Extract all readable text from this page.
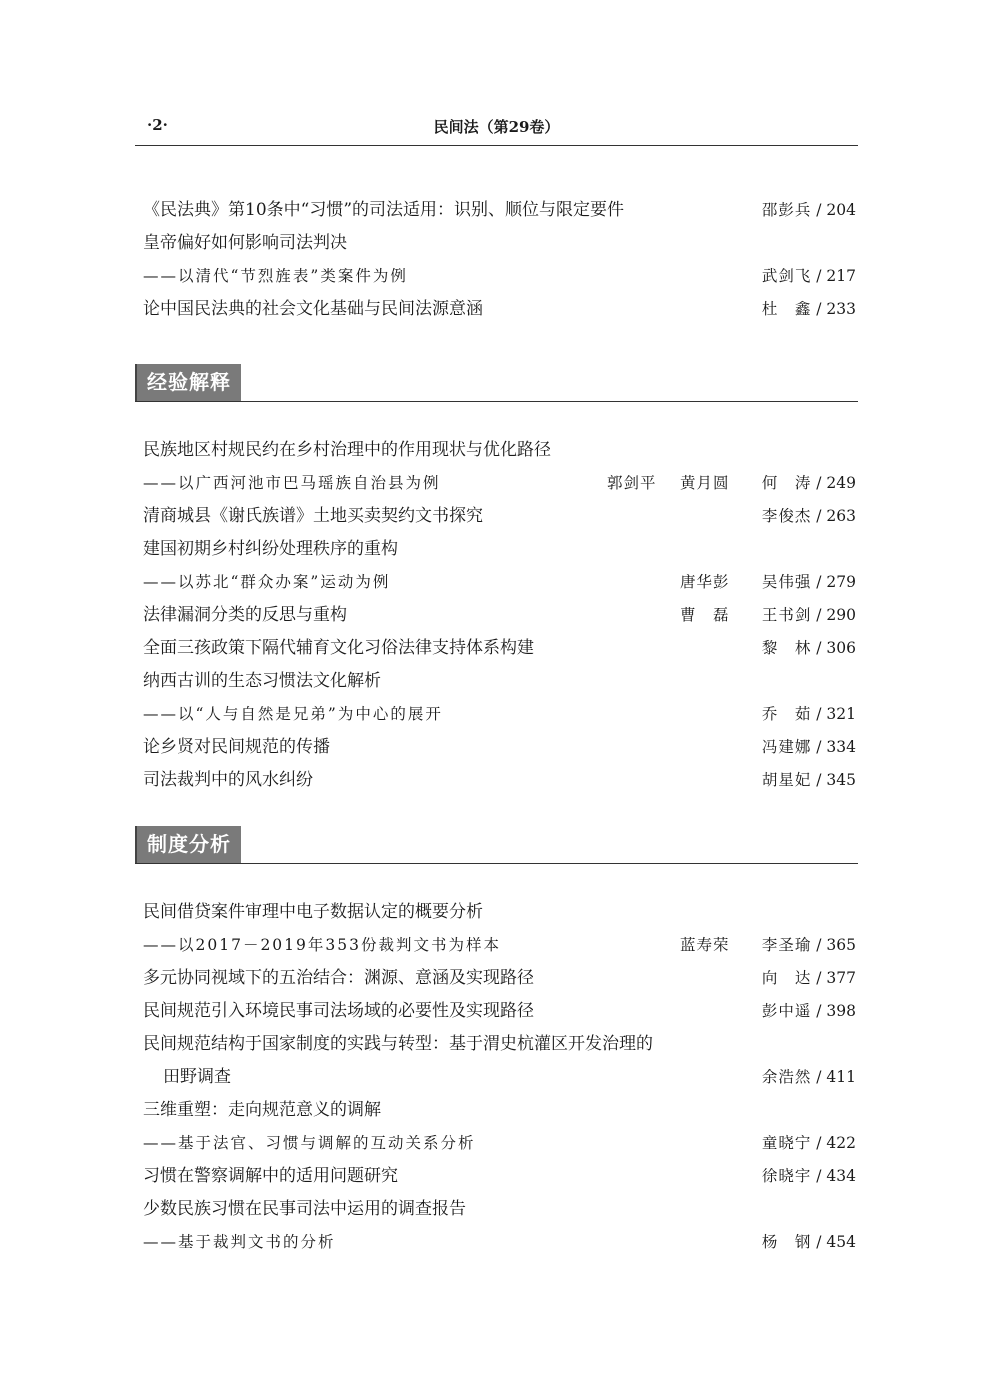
·2·	民间法（第29卷）
《民法典》第10条中“习惯”的司法适用：识别、顺位与限定要件	邵彭兵 / 204
皇帝偏好如何影响司法判决
——以清代“节烈旌表”类案件为例	武剑飞 / 217
论中国民法典的社会文化基础与民间法源意涵	杜　鑫 / 233
经验解释
民族地区村规民约在乡村治理中的作用现状与优化路径
——以广西河池市巴马瑶族自治县为例	郭剑平 黄月圆 何　涛 / 249
清商城县《谢氏族谱》土地买卖契约文书探究	李俊杰 / 263
建国初期乡村纠纷处理秩序的重构
——以苏北“群众办案”运动为例	唐华彭 吴伟强 / 279
法律漏洞分类的反思与重构	曹　磊 王书剑 / 290
全面三孩政策下隔代辅育文化习俗法律支持体系构建	黎　林 / 306
纳西古训的生态习惯法文化解析
——以“人与自然是兄弟”为中心的展开	乔　茹 / 321
论乡贤对民间规范的传播	冯建娜 / 334
司法裁判中的风水纠纷	胡星妃 / 345
制度分析
民间借贷案件审理中电子数据认定的概要分析
——以2017－2019年353份裁判文书为样本	蓝寿荣 李圣瑜 / 365
多元协同视域下的五治结合：渊源、意涵及实现路径	向　达 / 377
民间规范引入环境民事司法场域的必要性及实现路径	彭中遥 / 398
民间规范结构于国家制度的实践与转型：基于渭史杭灌区开发治理的
田野调查	余浩然 / 411
三维重塑：走向规范意义的调解
——基于法官、习惯与调解的互动关系分析	童晓宁 / 422
习惯在警察调解中的适用问题研究	徐晓宇 / 434
少数民族习惯在民事司法中运用的调查报告
——基于裁判文书的分析	杨　钢 / 454
